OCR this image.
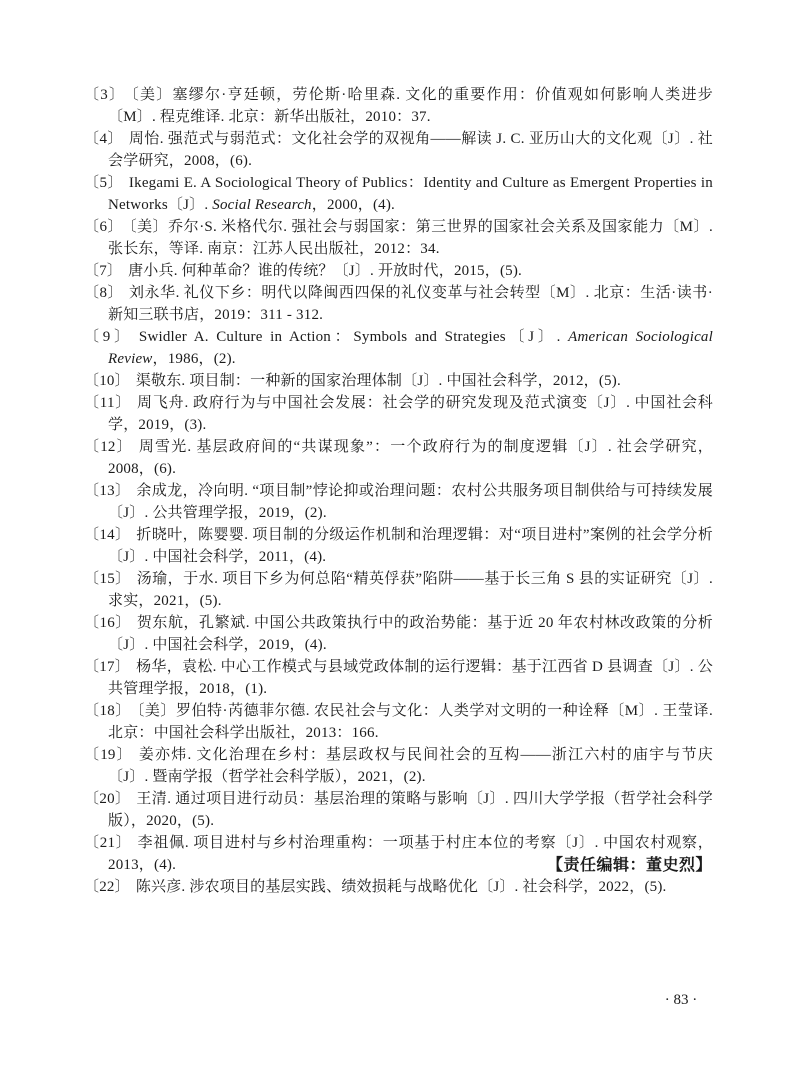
〔3〕 〔美〕塞缪尔·亨廷顿，劳伦斯·哈里森. 文化的重要作用：价值观如何影响人类进步〔M〕. 程克维译. 北京：新华出版社，2010：37.
〔4〕 周怡. 强范式与弱范式：文化社会学的双视角——解读 J. C. 亚历山大的文化观〔J〕. 社会学研究，2008，(6).
〔5〕 Ikegami E. A Sociological Theory of Publics：Identity and Culture as Emergent Properties in Networks〔J〕. Social Research，2000，(4).
〔6〕 〔美〕乔尔·S. 米格代尔. 强社会与弱国家：第三世界的国家社会关系及国家能力〔M〕. 张长东，等译. 南京：江苏人民出版社，2012：34.
〔7〕 唐小兵. 何种革命？谁的传统？〔J〕. 开放时代，2015，(5).
〔8〕 刘永华. 礼仪下乡：明代以降闽西四保的礼仪变革与社会转型〔M〕. 北京：生活·读书·新知三联书店，2019：311 - 312.
〔9〕 Swidler A. Culture in Action：Symbols and Strategies〔J〕. American Sociological Review，1986，(2).
〔10〕 渠敬东. 项目制：一种新的国家治理体制〔J〕. 中国社会科学，2012，(5).
〔11〕 周飞舟. 政府行为与中国社会发展：社会学的研究发现及范式演变〔J〕. 中国社会科学，2019，(3).
〔12〕 周雪光. 基层政府间的“共谋现象”：一个政府行为的制度逻辑〔J〕. 社会学研究，2008，(6).
〔13〕 余成龙，冷向明. “项目制”悖论抑或治理问题：农村公共服务项目制供给与可持续发展〔J〕. 公共管理学报，2019，(2).
〔14〕 折晓叶，陈婴婴. 项目制的分级运作机制和治理逻辑：对“项目进村”案例的社会学分析〔J〕. 中国社会科学，2011，(4).
〔15〕 汤瑜，于水. 项目下乡为何总陷“精英俘获”陷阱——基于长三角 S 县的实证研究〔J〕. 求实，2021，(5).
〔16〕 贺东航，孔繁斌. 中国公共政策执行中的政治势能：基于近 20 年农村林改政策的分析〔J〕. 中国社会科学，2019，(4).
〔17〕 杨华，袁松. 中心工作模式与县域党政体制的运行逻辑：基于江西省 D 县调查〔J〕. 公共管理学报，2018，(1).
〔18〕 〔美〕罗伯特·芮德菲尔德. 农民社会与文化：人类学对文明的一种诠释〔M〕. 王莹译. 北京：中国社会科学出版社，2013：166.
〔19〕 姜亦炜. 文化治理在乡村：基层政权与民间社会的互构——浙江六村的庙宇与节庆〔J〕. 暨南学报（哲学社会科学版），2021，(2).
〔20〕 王清. 通过项目进行动员：基层治理的策略与影响〔J〕. 四川大学学报（哲学社会科学版），2020，(5).
〔21〕 李祖佩. 项目进村与乡村治理重构：一项基于村庄本位的考察〔J〕. 中国农村观察，2013，(4).
〔22〕 陈兴彦. 涉农项目的基层实践、绩效损耗与战略优化〔J〕. 社会科学，2022，(5).
【责任编辑：董史烈】
· 83 ·
